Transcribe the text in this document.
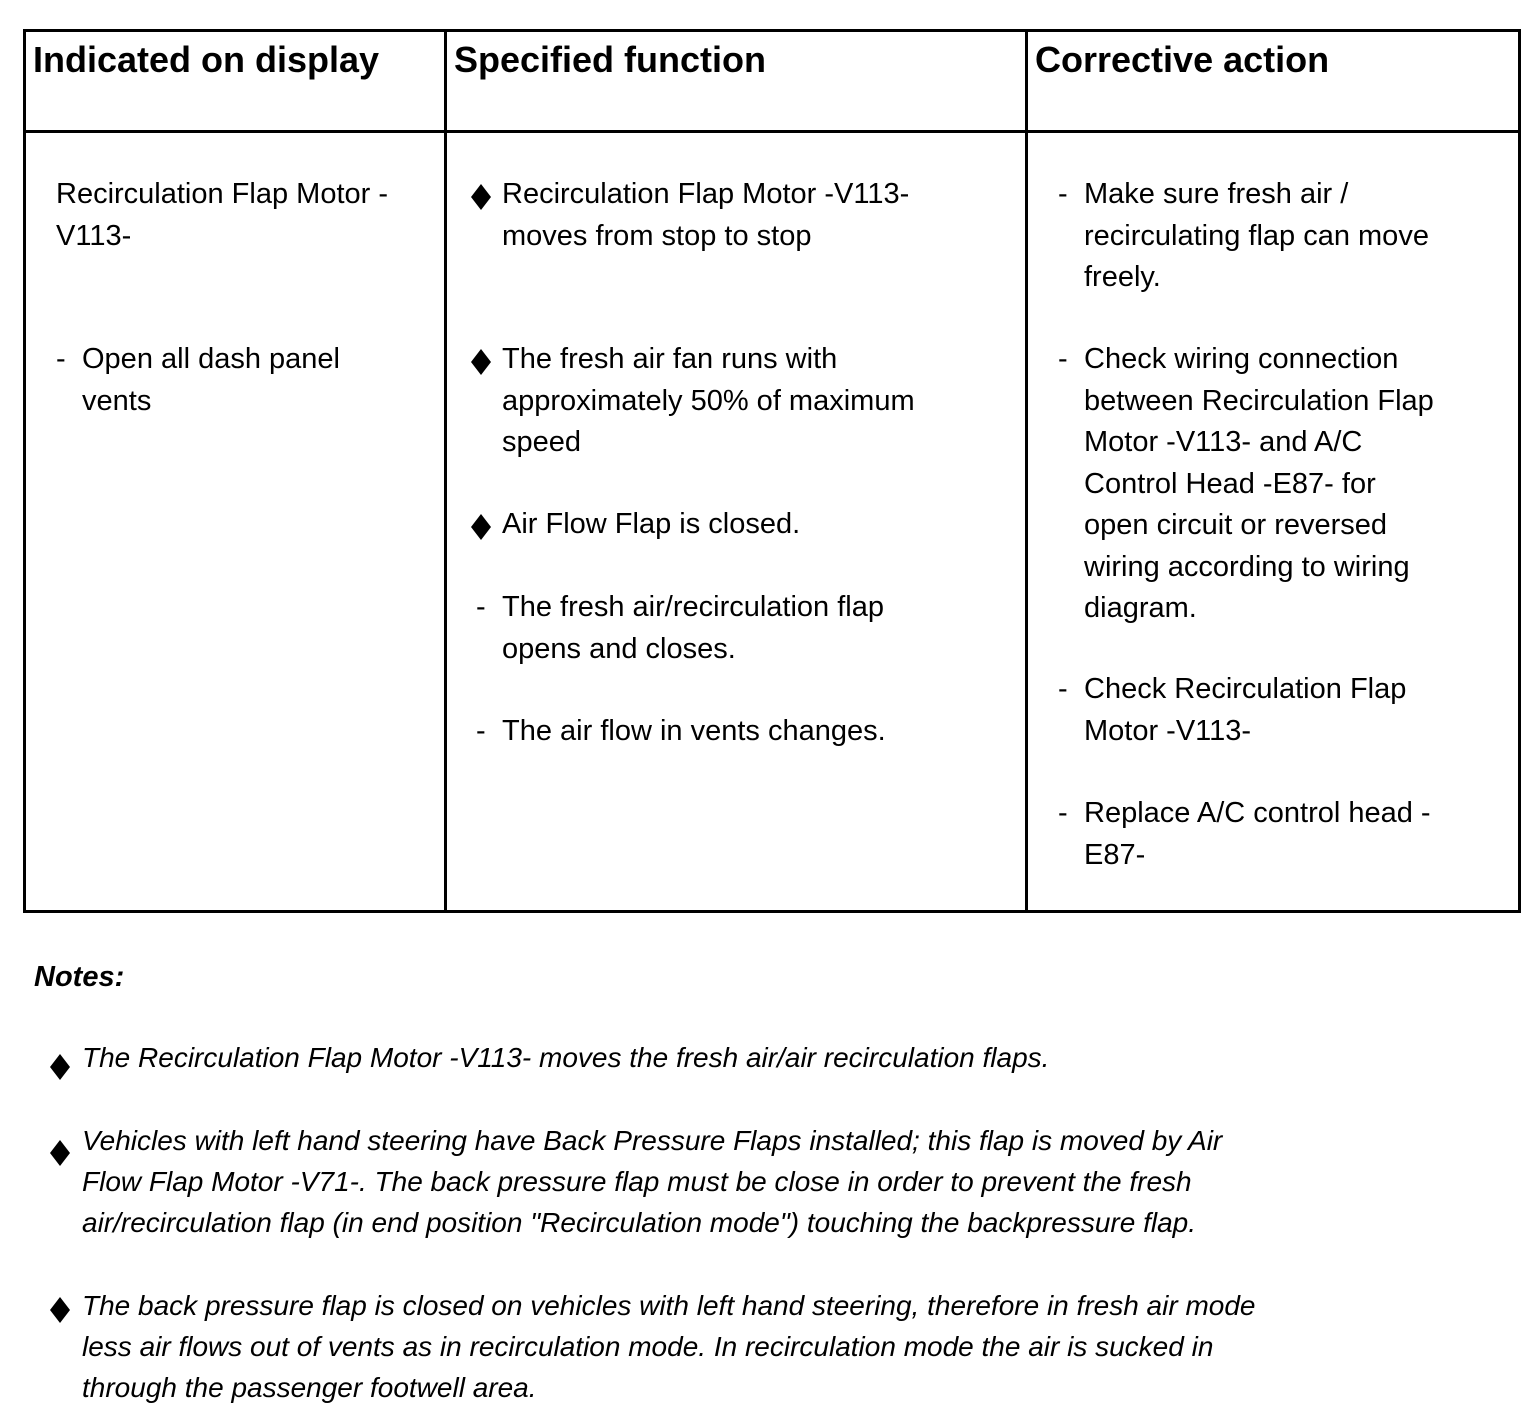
Indicated on display Specified function	Corrective action
Recirculation Flap Motor -
V113-
- Open all dash panel
vents
Recirculation Flap Motor -V113-
moves from stop to stop
The fresh air fan runs with
approximately 50% of maximum
speed
Air Flow Flap is closed.
- The fresh air/recirculation flap
opens and closes.
- The air flow in vents changes.
- Make sure fresh air /
recirculating flap can move
freely.
- Check wiring connection
between Recirculation Flap
Motor -V113- and A/C
Control Head -E87- for
open circuit or reversed
wiring according to wiring
diagram.
- Check Recirculation Flap
Motor -V113-
- Replace A/C control head -
E87-
Notes:
The Recirculation Flap Motor -V113- moves the fresh air/air recirculation flaps.
Vehicles with left hand steering have Back Pressure Flaps installed; this flap is moved by Air
Flow Flap Motor -V71-. The back pressure flap must be close in order to prevent the fresh
air/recirculation flap (in end position "Recirculation mode") touching the backpressure flap.
The back pressure flap is closed on vehicles with left hand steering, therefore in fresh air mode
less air flows out of vents as in recirculation mode. In recirculation mode the air is sucked in
through the passenger footwell area.
